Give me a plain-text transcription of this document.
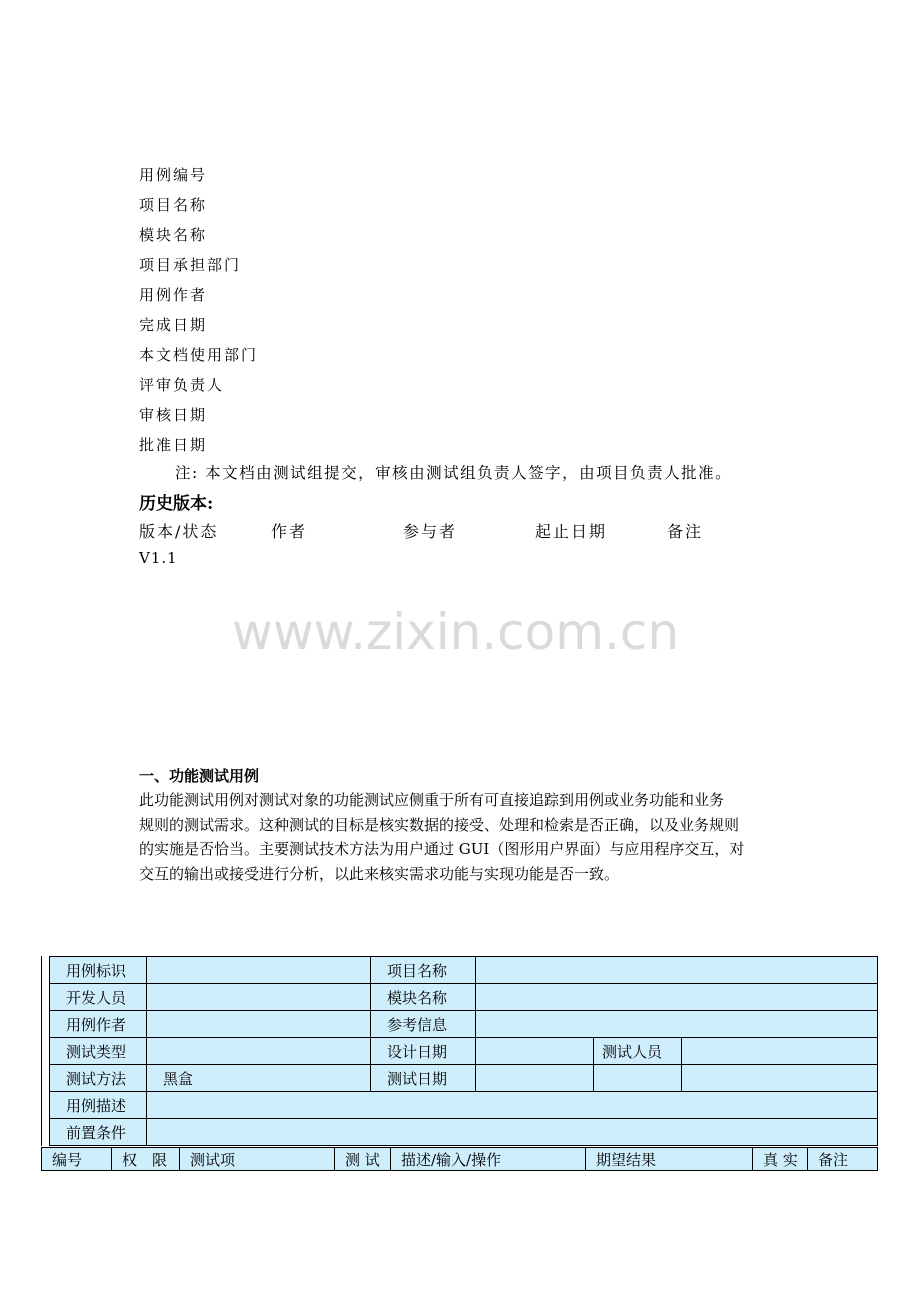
用例编号
项目名称
模块名称
项目承担部门
用例作者
完成日期
本文档使用部门
评审负责人
审核日期
批准日期
注: 本文档由测试组提交，审核由测试组负责人签字，由项目负责人批准。
历史版本:
版本/状态	作者	参与者	起止日期	备注
V1.1
www.zixin.com.cn
一、功能测试用例

此功能测试用例对测试对象的功能测试应侧重于所有可直接追踪到用例或业务功能和业务

规则的测试需求。这种测试的目标是核实数据的接受、处理和检索是否正确，以及业务规则

的实施是否恰当。主要测试技术方法为用户通过 GUI（图形用户界面）与应用程序交互，对

交互的输出或接受进行分析，以此来核实需求功能与实现功能是否一致。

用例标识		项目名称			
开发人员		模块名称			
用例作者		参考信息			
测试类型		设计日期		测试人员	
测试方法	黑盒	测试日期			
用例描述					
前置条件					
编号	权　限	测试项	测 试	描述/输入/操作	期望结果	真 实	备注
